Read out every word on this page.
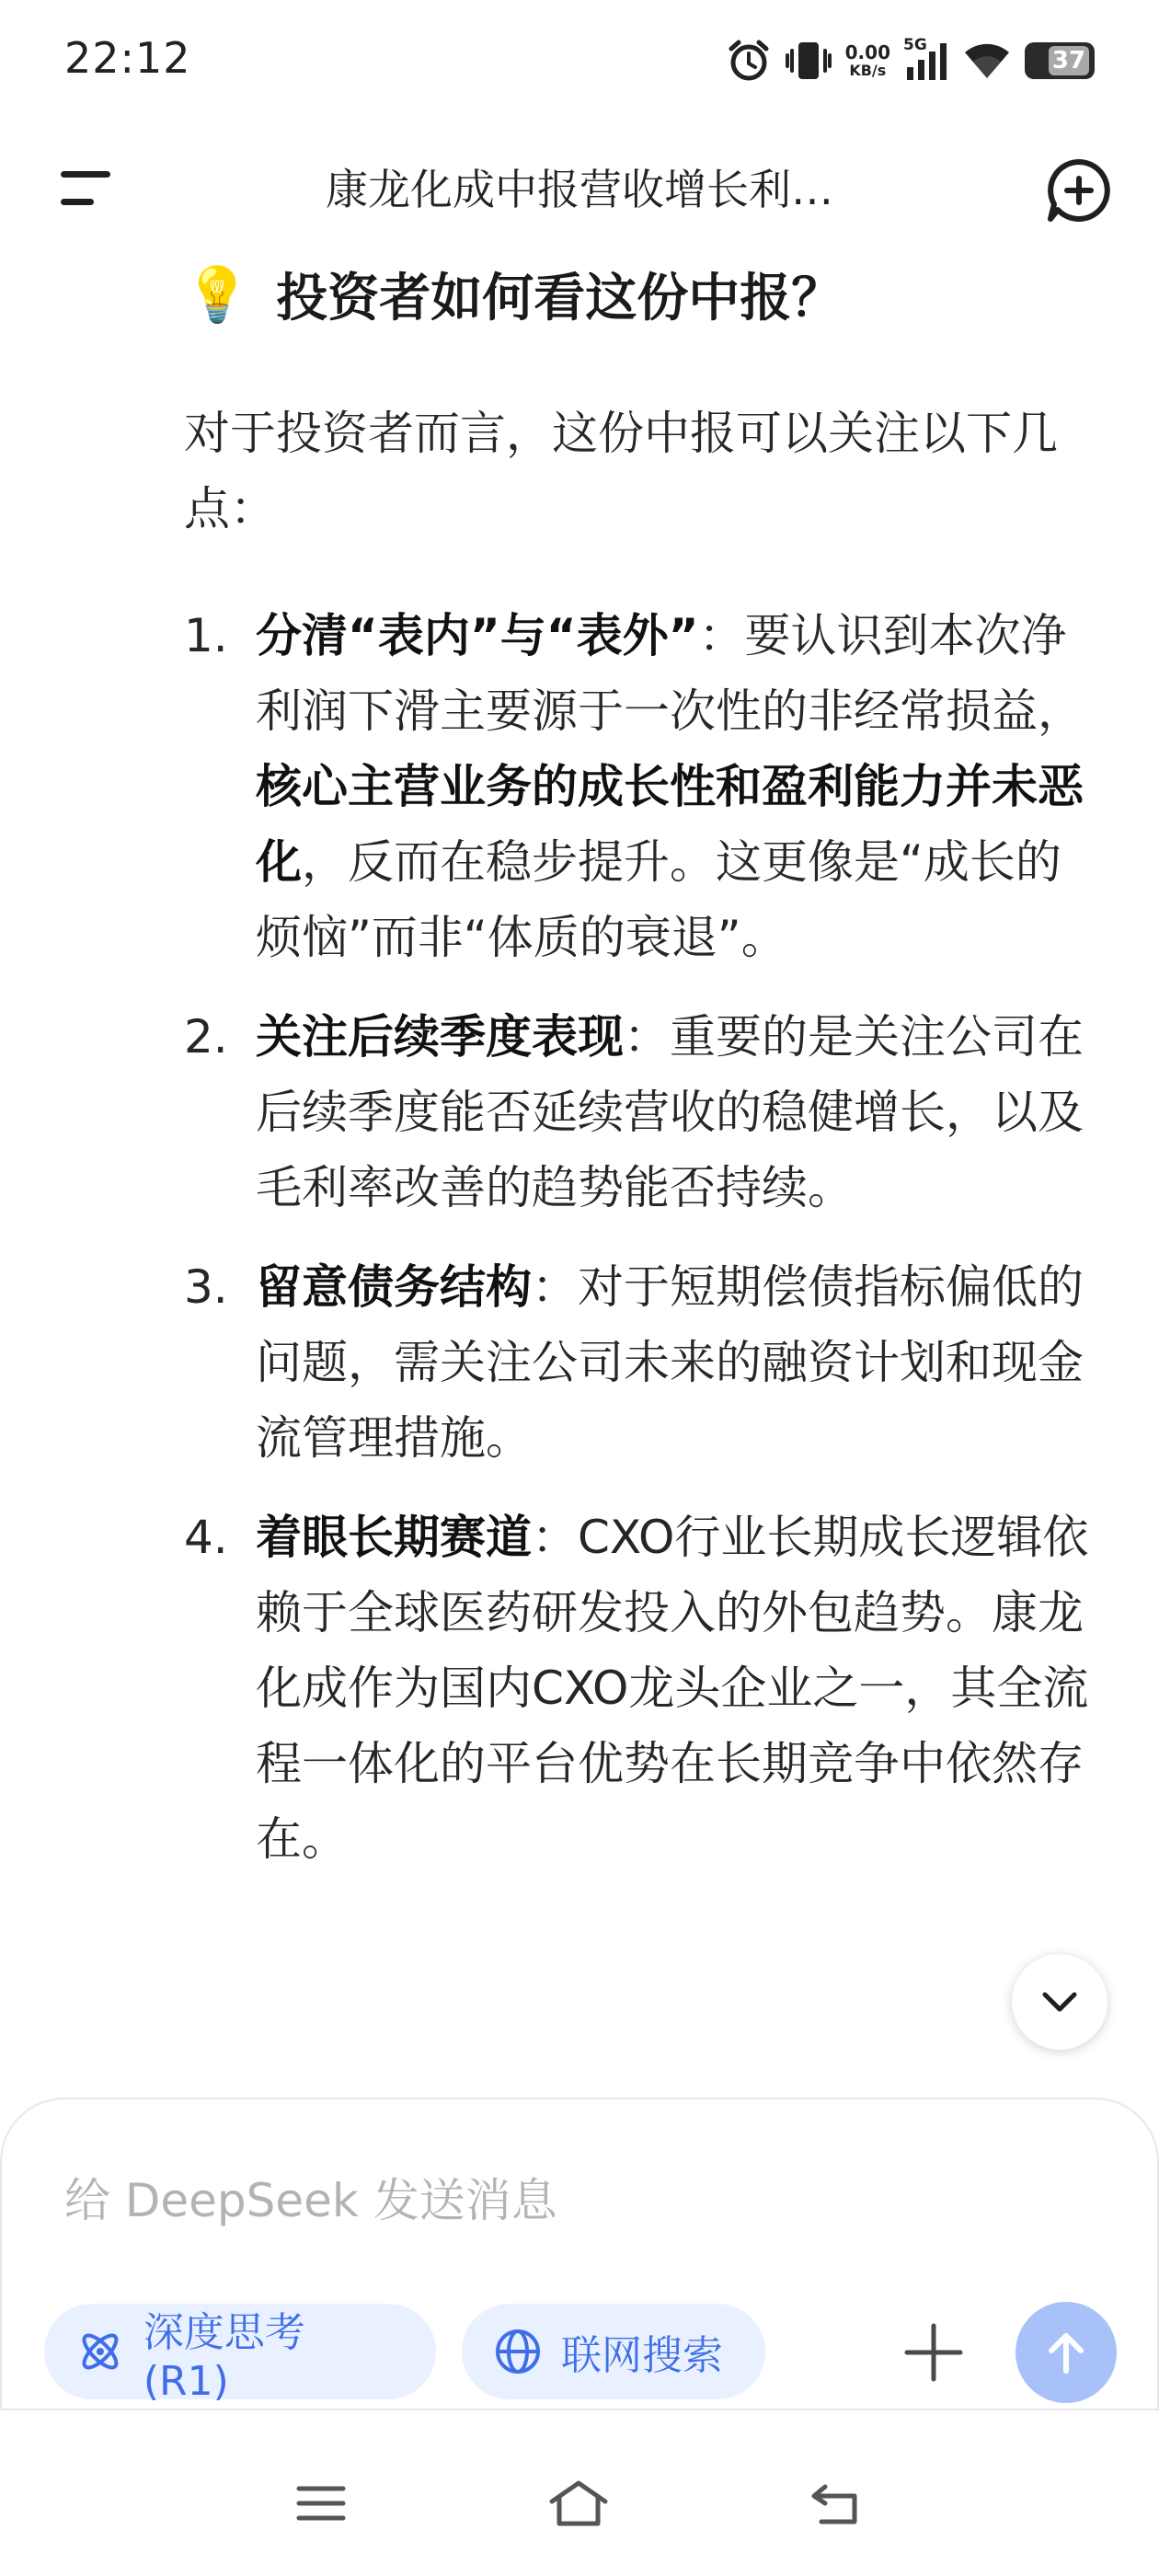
22:12	0.00
KB/s
5G
37
康龙化成中报营收增长利…
💡 投资者如何看这份中报？

对于投资者而言，这份中报可以关注以下几点：

1. 分清“表内”与“表外”：要认识到本次净利润下滑主要源于一次性的非经常损益，核心主营业务的成长性和盈利能力并未恶化，反而在稳步提升。这更像是“成长的烦恼”而非“体质的衰退”。
2. 关注后续季度表现：重要的是关注公司在后续季度能否延续营收的稳健增长，以及毛利率改善的趋势能否持续。
3. 留意债务结构：对于短期偿债指标偏低的问题，需关注公司未来的融资计划和现金流管理措施。
4. 着眼长期赛道：CXO行业长期成长逻辑依赖于全球医药研发投入的外包趋势。康龙化成作为国内CXO龙头企业之一，其全流程一体化的平台优势在长期竞争中依然存在。
给 DeepSeek 发送消息
深度思考 (R1)
联网搜索
